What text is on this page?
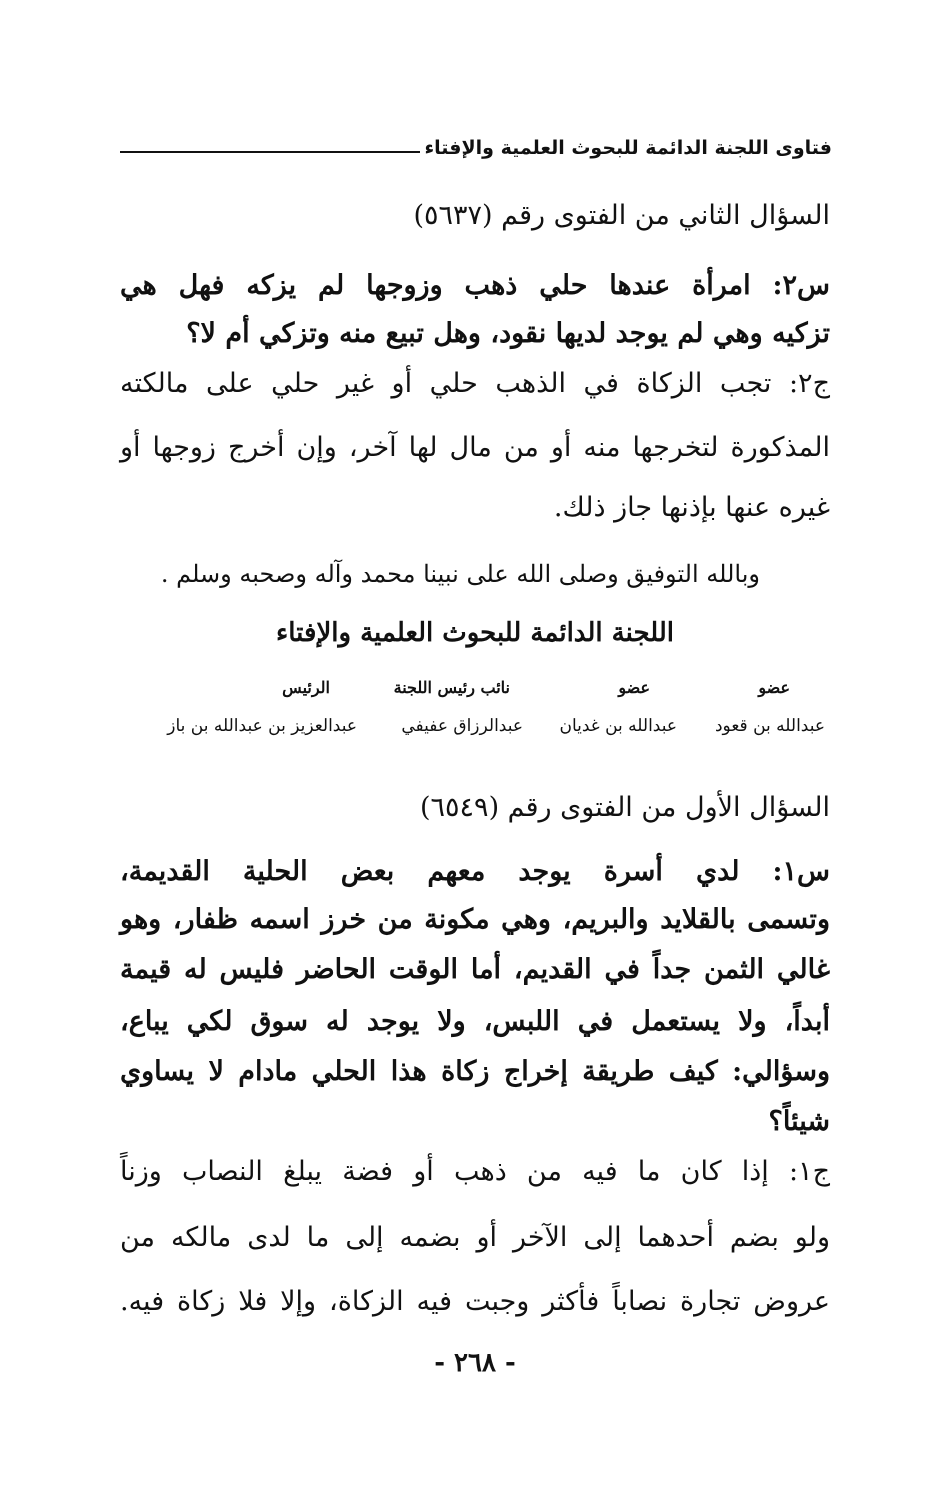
فتاوى اللجنة الدائمة للبحوث العلمية والإفتاء
السؤال الثاني من الفتوى رقم (٥٦٣٧)
س٢: امرأة عندها حلي ذهب وزوجها لم يزكه فهل هي
تزكيه وهي لم يوجد لديها نقود، وهل تبيع منه وتزكي أم لا؟
ج٢: تجب الزكاة في الذهب حلي أو غير حلي على مالكته
المذكورة لتخرجها منه أو من مال لها آخر، وإن أخرج زوجها أو
غيره عنها بإذنها جاز ذلك.
وبالله التوفيق وصلى الله على نبينا محمد وآله وصحبه وسلم .
اللجنة الدائمة للبحوث العلمية والإفتاء
عضو
عضو
نائب رئيس اللجنة
الرئيس
عبدالله بن قعود
عبدالله بن غديان
عبدالرزاق عفيفي
عبدالعزيز بن عبدالله بن باز
السؤال الأول من الفتوى رقم (٦٥٤٩)
س١: لدي أسرة يوجد معهم بعض الحلية القديمة،
وتسمى بالقلايد والبريم، وهي مكونة من خرز اسمه ظفار، وهو
غالي الثمن جداً في القديم، أما الوقت الحاضر فليس له قيمة
أبداً، ولا يستعمل في اللبس، ولا يوجد له سوق لكي يباع،
وسؤالي: كيف طريقة إخراج زكاة هذا الحلي مادام لا يساوي
شيئاً؟
ج١: إذا كان ما فيه من ذهب أو فضة يبلغ النصاب وزناً
ولو بضم أحدهما إلى الآخر أو بضمه إلى ما لدى مالكه من
عروض تجارة نصاباً فأكثر وجبت فيه الزكاة، وإلا فلا زكاة فيه.
- ٢٦٨ -
